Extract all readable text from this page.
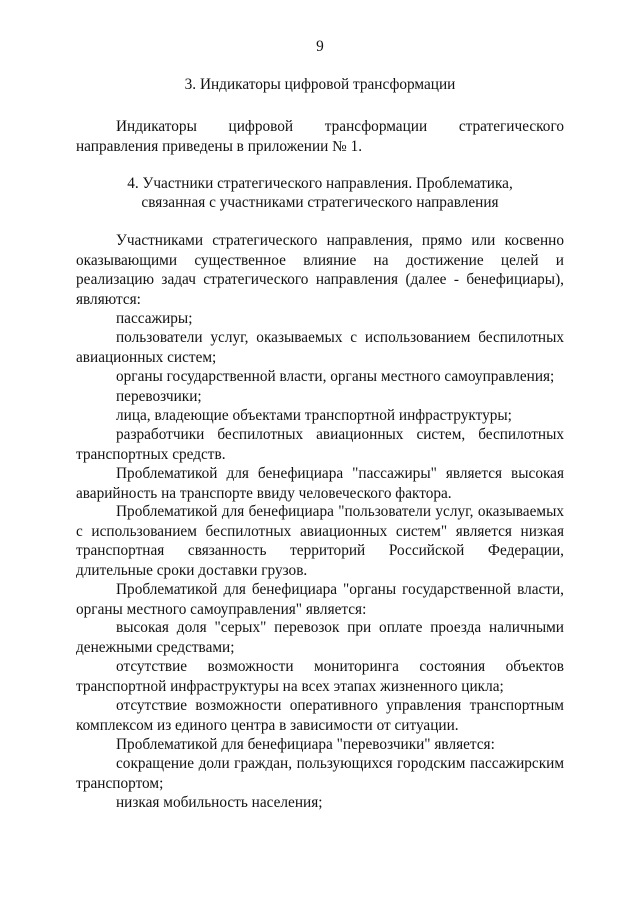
9
3. Индикаторы цифровой трансформации
Индикаторы цифровой трансформации стратегического направления приведены в приложении № 1.
4. Участники стратегического направления. Проблематика,
связанная с участниками стратегического направления
Участниками стратегического направления, прямо или косвенно оказывающими существенное влияние на достижение целей и реализацию задач стратегического направления (далее - бенефициары), являются:
пассажиры;
пользователи услуг, оказываемых с использованием беспилотных авиационных систем;
органы государственной власти, органы местного самоуправления;
перевозчики;
лица, владеющие объектами транспортной инфраструктуры;
разработчики беспилотных авиационных систем, беспилотных транспортных средств.
Проблематикой для бенефициара "пассажиры" является высокая аварийность на транспорте ввиду человеческого фактора.
Проблематикой для бенефициара "пользователи услуг, оказываемых с использованием беспилотных авиационных систем" является низкая транспортная связанность территорий Российской Федерации, длительные сроки доставки грузов.
Проблематикой для бенефициара "органы государственной власти, органы местного самоуправления" является:
высокая доля "серых" перевозок при оплате проезда наличными денежными средствами;
отсутствие возможности мониторинга состояния объектов транспортной инфраструктуры на всех этапах жизненного цикла;
отсутствие возможности оперативного управления транспортным комплексом из единого центра в зависимости от ситуации.
Проблематикой для бенефициара "перевозчики" является:
сокращение доли граждан, пользующихся городским пассажирским транспортом;
низкая мобильность населения;
